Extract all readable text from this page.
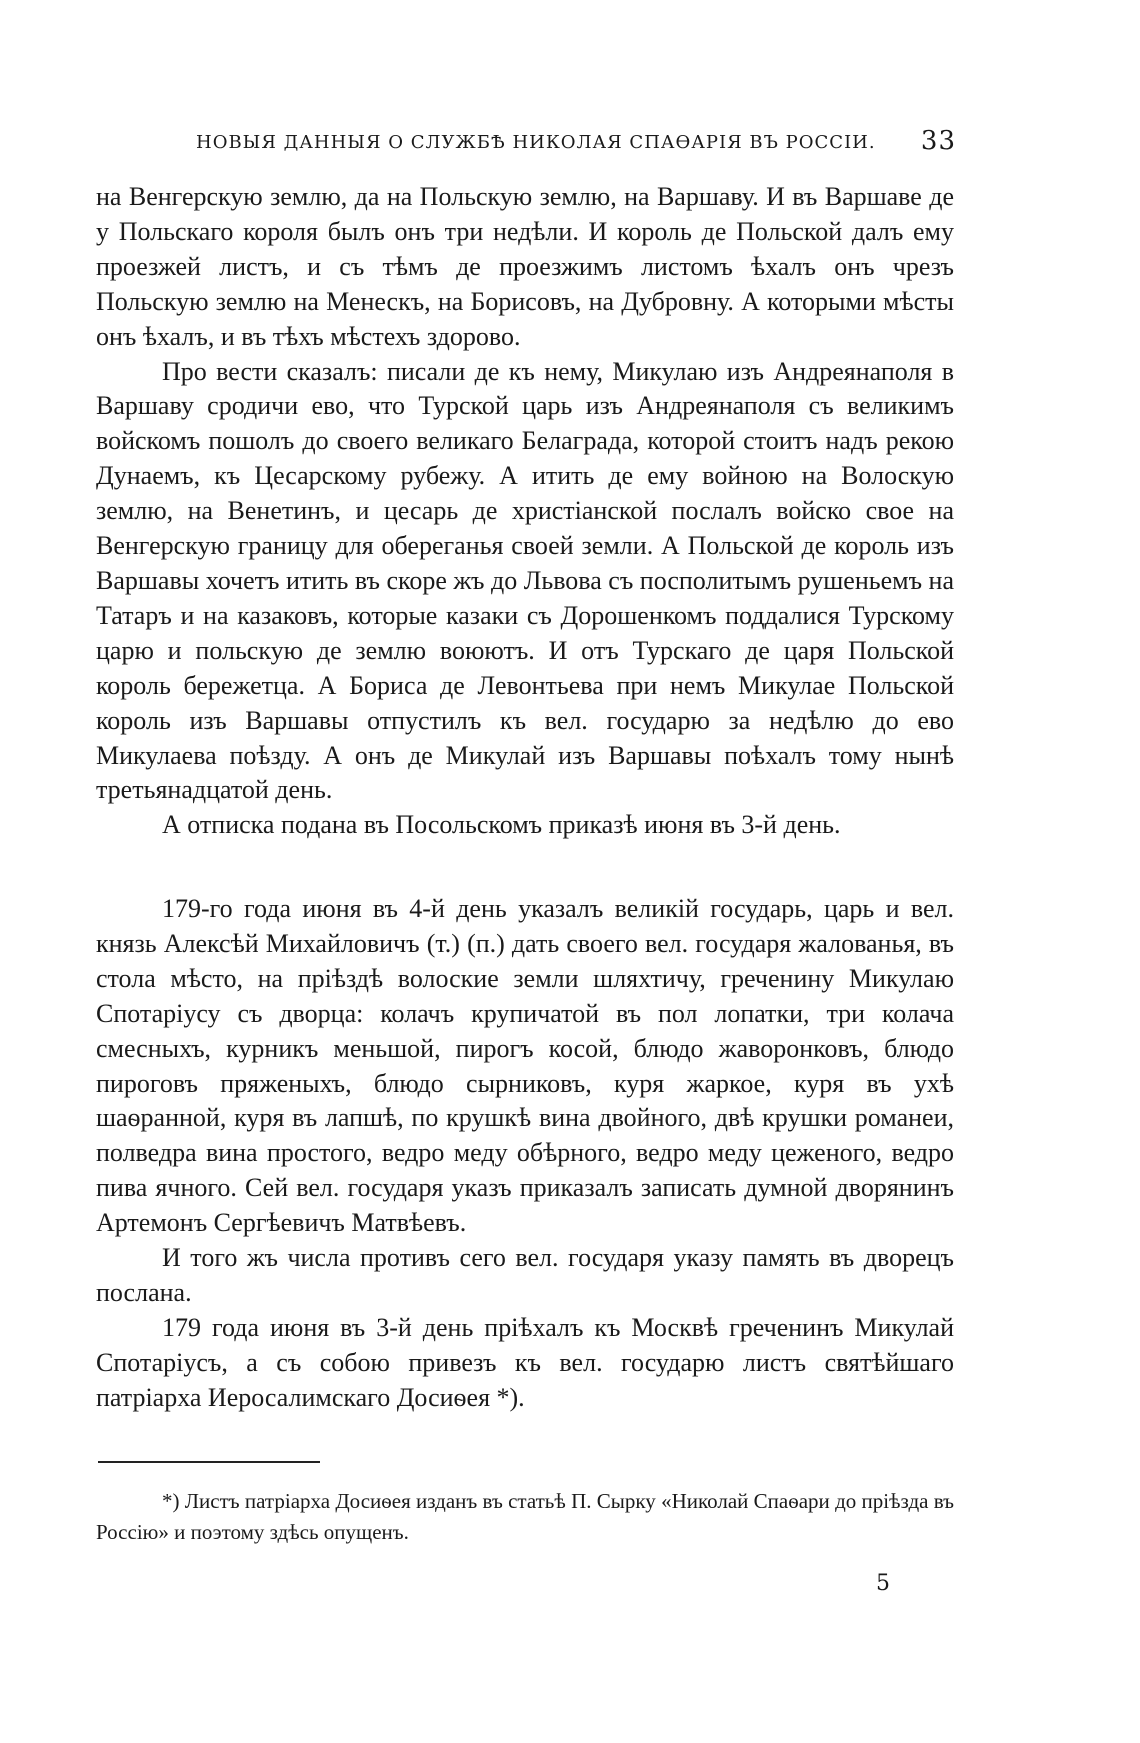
НОВЫЯ ДАННЫЯ О СЛУЖБѢ НИКОЛАЯ СПАѲАРІЯ ВЪ РОССІИ. 33

на Венгерскую землю, да на Польскую землю, на Варшаву. И въ Варшаве де у Польскаго короля былъ онъ три недѣли. И король де Польской далъ ему проезжей листъ, и съ тѣмъ де проезжимъ листомъ ѣхалъ онъ чрезъ Польскую землю на Менескъ, на Борисовъ, на Дубровну. А которыми мѣсты онъ ѣхалъ, и въ тѣхъ мѣстехъ здорово.

Про вести сказалъ: писали де къ нему, Микулаю изъ Андреянаполя в Варшаву сродичи ево, что Турской царь изъ Андреянаполя съ великимъ войскомъ пошолъ до своего великаго Белаграда, которой стоитъ надъ рекою Дунаемъ, къ Цесарскому рубежу. А итить де ему войною на Волоскую землю, на Венетинъ, и цесарь де христіанской послалъ войско свое на Венгерскую границу для обереганья своей земли. А Польской де король изъ Варшавы хочетъ итить въ скоре жъ до Львова съ посполитымъ рушеньемъ на Татаръ и на казаковъ, которые казаки съ Дорошенкомъ поддалися Турскому царю и польскую де землю воюютъ. И отъ Турскаго де царя Польской король бережетца. А Бориса де Левонтьева при немъ Микулае Польской король изъ Варшавы отпустилъ къ вел. государю за недѣлю до ево Микулаева поѣзду. А онъ де Микулай изъ Варшавы поѣхалъ тому нынѣ третьянадцатой день.

А отписка подана въ Посольскомъ приказѣ июня въ 3-й день.

179-го года июня въ 4-й день указалъ великій государь, царь и вел. князь Алексѣй Михайловичъ (т.) (п.) дать своего вел. государя жалованья, въ стола мѣсто, на пріѣздѣ волоские земли шляхтичу, греченину Микулаю Спотаріусу съ дворца: колачъ крупичатой въ пол лопатки, три колача смесныхъ, курникъ меньшой, пирогъ косой, блюдо жаворонковъ, блюдо пироговъ пряженыхъ, блюдо сырниковъ, куря жаркое, куря въ ухѣ шаѳранной, куря въ лапшѣ, по крушкѣ вина двойного, двѣ крушки романеи, полведра вина простого, ведро меду обѣрного, ведро меду цеженого, ведро пива ячного. Сей вел. государя указъ приказалъ записать думной дворянинъ Артемонъ Сергѣевичъ Матвѣевъ.

И того жъ числа противъ сего вел. государя указу память въ дворецъ послана.

179 года июня въ 3-й день пріѣхалъ къ Москвѣ греченинъ Микулай Спотаріусъ, а съ собою привезъ къ вел. государю листъ святѣйшаго патріарха Иеросалимскаго Досиѳея *).

*) Листъ патріарха Досиѳея изданъ въ статьѣ П. Сырку «Николай Спаѳари до пріѣзда въ Россію» и поэтому здѣсь опущенъ.

5
